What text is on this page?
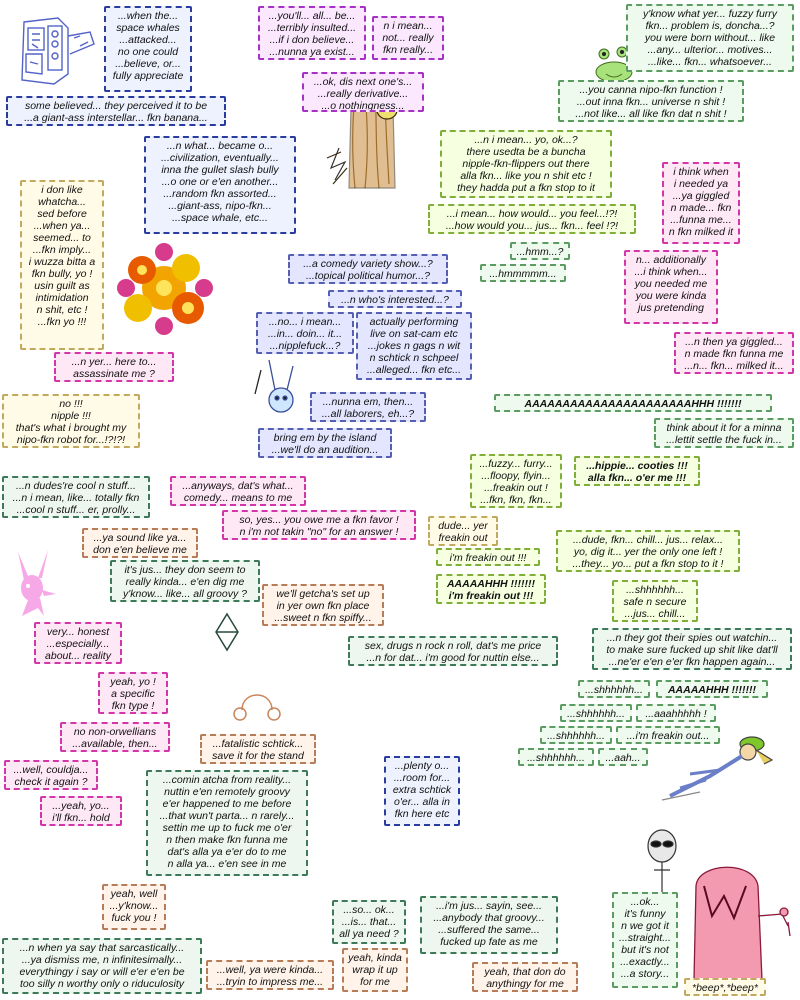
...when the...
space whales
...attacked...
no one could
...believe, or...
fully appreciate
some believed... they perceived it to be
...a giant-ass interstellar... fkn banana...
...n what... became o...
...civilization, eventually...
inna the gullet slash bully
...o one or e'en another...
...random fkn assorted...
...giant-ass, nipo-fkn...
...space whale, etc...
...you'll... all... be...
...terribly insulted...
...if i don believe...
...nunna ya exist...
n i mean...
not... really
fkn really...
...ok, dis next one's...
...really derivative...
...o nothingness...
y'know what yer... fuzzy furry
fkn... problem is, doncha...?
you were born without... like
...any... ulterior... motives...
...like... fkn... whatsoever...
...you canna nipo-fkn function !
...out inna fkn... universe n shit !
...not like... all like fkn dat n shit !
...n i mean... yo, ok...?
there usedta be a buncha
nipple-fkn-flippers out there
alla fkn... like you n shit etc !
they hadda put a fkn stop to it
i don like
whatcha...
sed before
...when ya...
seemed... to
...fkn imply...
i wuzza bitta a
fkn bully, yo !
usin guilt as
intimidation
n shit, etc !
...fkn yo !!!
...i mean... how would... you feel...!?!
...how would you... jus... fkn... feel !?!
...hmm...?
...hmmmmm...
i think when
i needed ya
...ya giggled
n made... fkn
...funna me...
n fkn milked it
n... additionally
...i think when...
you needed me
you were kinda
jus pretending
...n then ya giggled...
n made fkn funna me
...n... fkn... milked it...
...a comedy variety show...?
...topical political humor...?
...n who's interested...?
...no... i mean...
...in... doin... it...
...nipplefuck...?
actually performing
live on sat-cam etc
...jokes n gags n wit
n schtick n schpeel
...alleged... fkn etc...
...n yer... here to...
assassinate me ?
no !!!
nipple !!!
that's what i brought my
nipo-fkn robot for...!?!?!
...nunna em, then...
...all laborers, eh...?
bring em by the island
...we'll do an audition...
AAAAAAAAAAAAAAAAAAAAAAHHH !!!!!!!
think about it for a minna
...lettit settle the fuck in...
...n dudes're cool n stuff...
...n i mean, like... totally fkn
...cool n stuff... er, prolly...
...anyways, dat's what...
comedy... means to me
so, yes... you owe me a fkn favor !
n i'm not takin "no" for an answer !
...fuzzy... furry...
...floopy, flyin...
...freakin out !
...fkn, fkn, fkn...
...hippie... cooties !!!
alla fkn... o'er me !!!
...ya sound like ya...
don e'en believe me
dude... yer
freakin out
i'm freakin out !!!
AAAAAHHH !!!!!!!
i'm freakin out !!!
...dude, fkn... chill... jus... relax...
yo, dig it... yer the only one left !
...they... yo... put a fkn stop to it !
it's jus... they don seem to
really kinda... e'en dig me
y'know... like... all groovy ?	we'll getcha's set up
in yer own fkn place
...sweet n fkn spiffy...
...shhhhhh...
safe n secure
...jus... chill...
very... honest
...especially...
about... reality
sex, drugs n rock n roll, dat's me price
...n for dat... i'm good for nuttin else...
...n they got their spies out watchin...
to make sure fucked up shit like dat'll
...ne'er e'en e'er fkn happen again...
yeah, yo !
a specific
fkn type !
...shhhhhh...	AAAAAHHH !!!!!!!
...shhhhhh...	...aaahhhhh !
no non-orwellians
...available, then...
...shhhhhh...	...i'm freakin out...
...fatalistic schtick...
save it for the stand	...shhhhhh...	...aah...
...well, couldja...
check it again ?
...yeah, yo...
i'll fkn... hold
...comin atcha from reality...
nuttin e'en remotely groovy
e'er happened to me before
...that wun't parta... n rarely...
settin me up to fuck me o'er
n then make fkn funna me
dat's alla ya e'er do to me
n alla ya... e'en see in me
...plenty o...
...room for...
extra schtick
o'er... alla in
fkn here etc
yeah, well
...y'know...
fuck you !
...so... ok...
...is... that...
all ya need ?
...i'm jus... sayin, see...
...anybody that groovy...
...suffered the same...
fucked up fate as me
...ok...
it's funny
n we got it
...straight...
but it's not
...exactly...
...a story...
yeah, kinda
wrap it up
for me
...n when ya say that sarcastically...
...ya dismiss me, n infinitesimally...
everythingy i say or will e'er e'en be
too silly n worthy only o riduculosity
...well, ya were kinda...
...tryin to impress me...
yeah, that don do
anythingy for me	*beep*,*beep*
